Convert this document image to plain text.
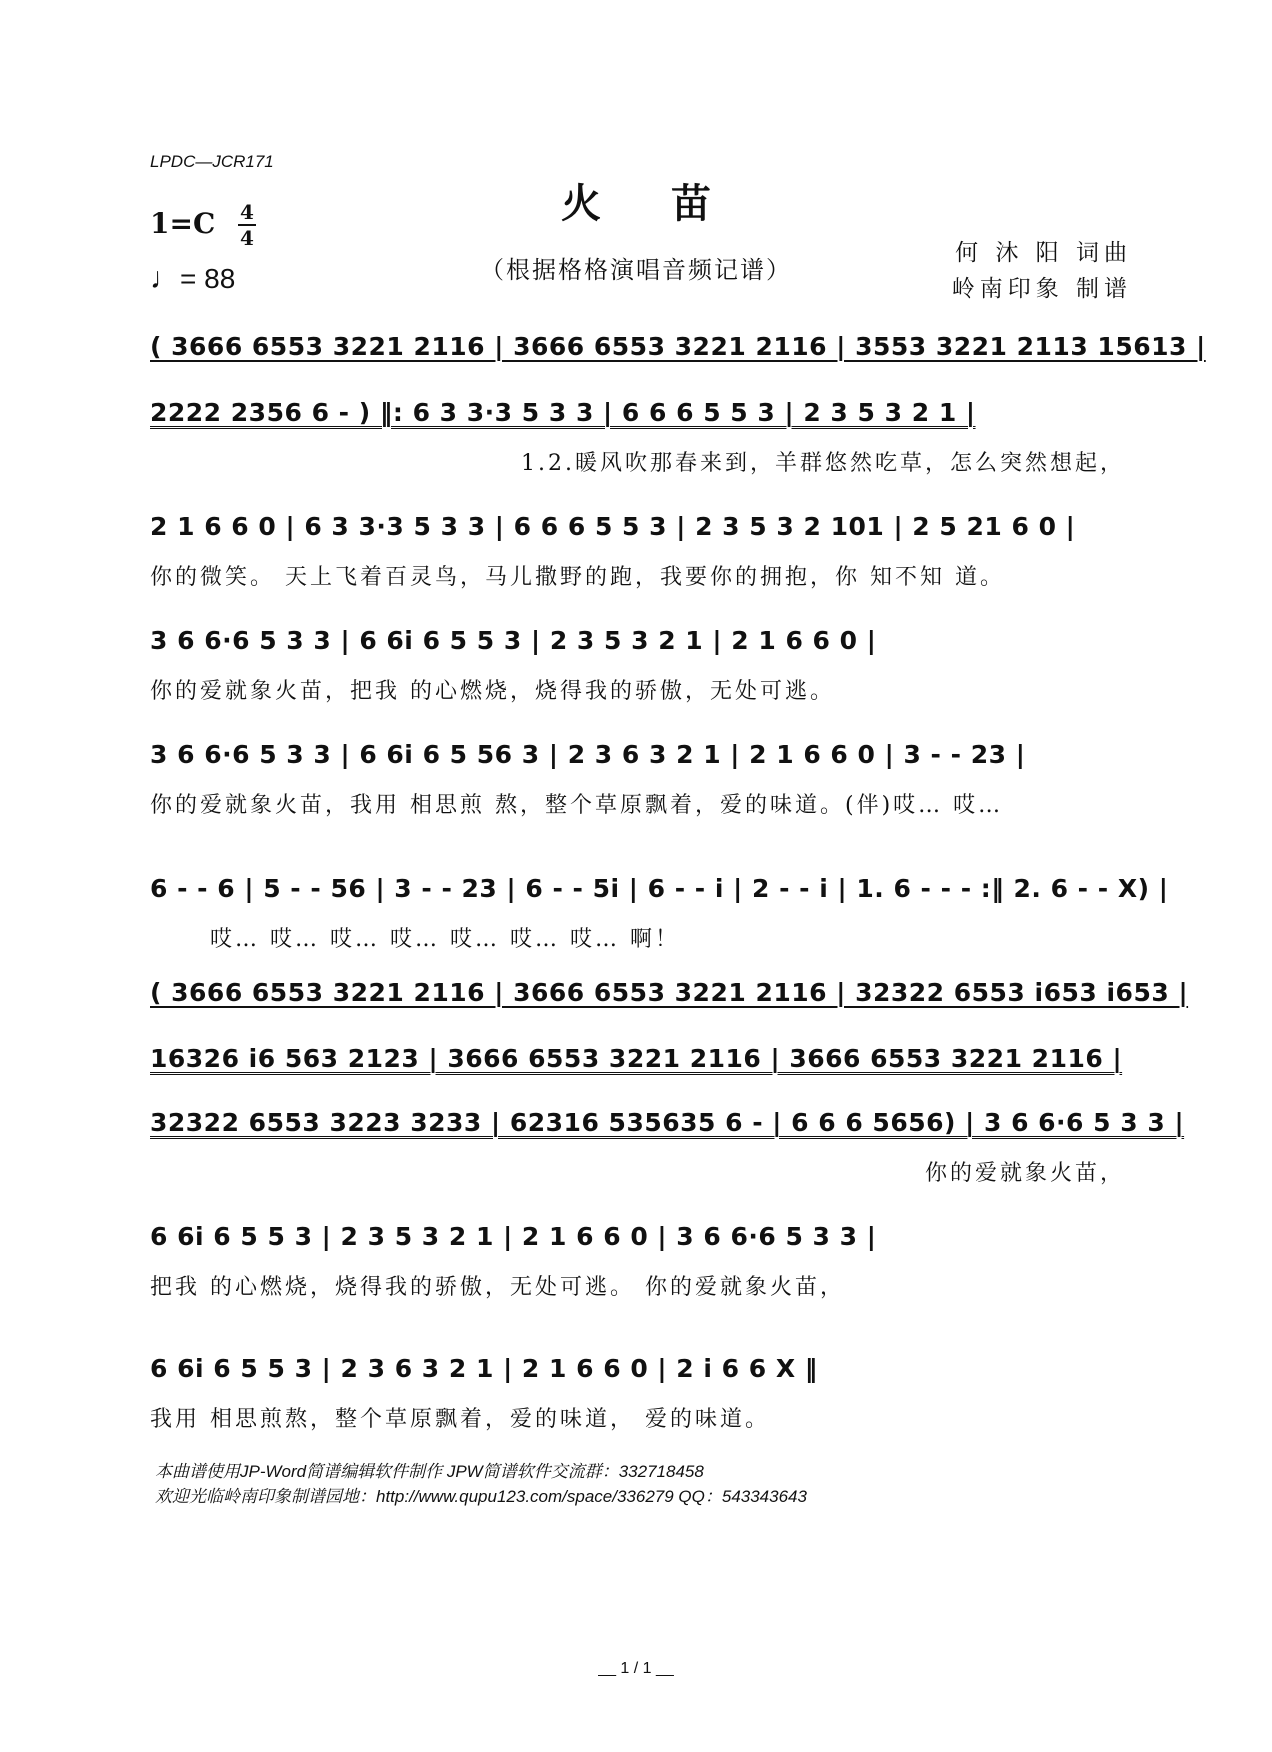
LPDC—JCR171
火苗
（根据格格演唱音频记谱）
1=C 4
4
♩= 88
何 沐 阳 词曲
岭南印象 制谱
( 3666 6553 3221 2116 | 3666 6553 3221 2116 | 3553 3221 2113 15613 |
2222 2356 6 - ) ‖: 6 3 3·3 5 3 3 | 6 6 6 5 5 3 | 2 3 5 3 2 1 |
1.2.暖风吹那春来到，羊群悠然吃草，怎么突然想起，
2 1 6 6 0 | 6 3 3·3 5 3 3 | 6 6 6 5 5 3 | 2 3 5 3 2 101 | 2 5 21 6 0 |
你的微笑。 天上飞着百灵鸟，马儿撒野的跑，我要你的拥抱，你 知不知 道。
3 6 6·6 5 3 3 | 6 6i 6 5 5 3 | 2 3 5 3 2 1 | 2 1 6 6 0 |
你的爱就象火苗，把我 的心燃烧，烧得我的骄傲，无处可逃。
3 6 6·6 5 3 3 | 6 6i 6 5 56 3 | 2 3 6 3 2 1 | 2 1 6 6 0 | 3 - - 23 |
你的爱就象火苗，我用 相思煎 熬，整个草原飘着，爱的味道。(伴)哎… 哎…
6 - - 6 | 5 - - 56 | 3 - - 23 | 6 - - 5i | 6 - - i | 2 - - i | 1. 6 - - - :‖ 2. 6 - - X) |
哎… 哎… 哎… 哎… 哎… 哎… 哎… 啊！
( 3666 6553 3221 2116 | 3666 6553 3221 2116 | 32322 6553 i653 i653 |
16326 i6 563 2123 | 3666 6553 3221 2116 | 3666 6553 3221 2116 |
32322 6553 3223 3233 | 62316 535635 6 - | 6 6 6 5656) | 3 6 6·6 5 3 3 |
你的爱就象火苗，
6 6i 6 5 5 3 | 2 3 5 3 2 1 | 2 1 6 6 0 | 3 6 6·6 5 3 3 |
把我 的心燃烧，烧得我的骄傲，无处可逃。 你的爱就象火苗，
6 6i 6 5 5 3 | 2 3 6 3 2 1 | 2 1 6 6 0 | 2 i 6 6 X ‖
我用 相思煎熬，整个草原飘着，爱的味道， 爱的味道。
本曲谱使用JP-Word简谱编辑软件制作 JPW简谱软件交流群：332718458
欢迎光临岭南印象制谱园地：http://www.qupu123.com/space/336279 QQ：543343643
__ 1 / 1 __
